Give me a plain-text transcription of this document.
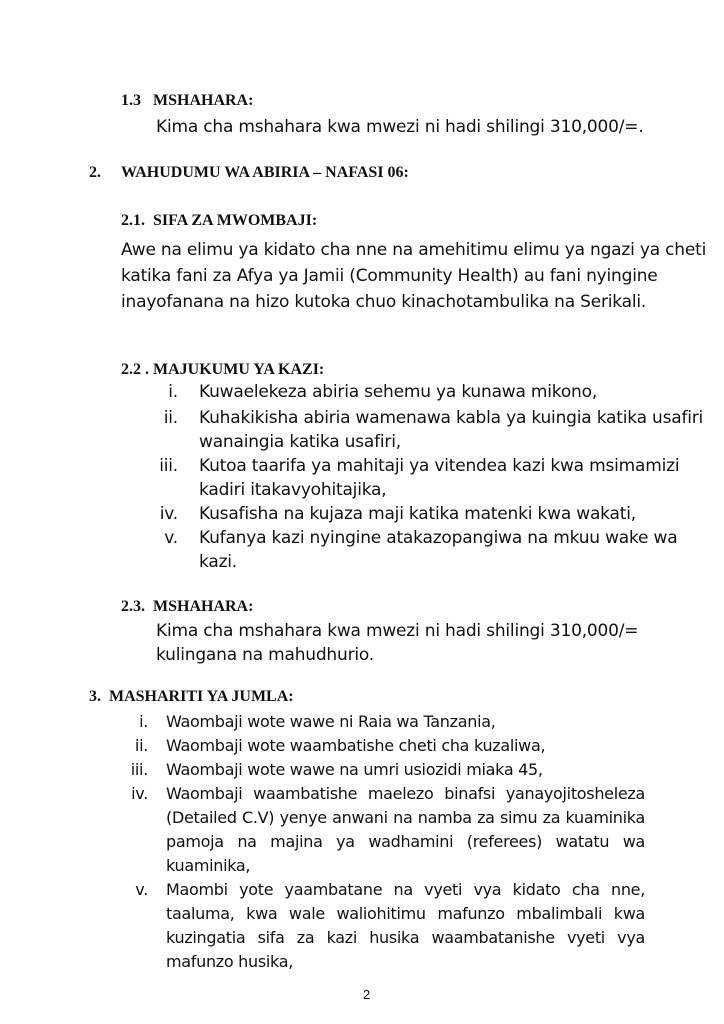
1.3 MSHAHARA:
Kima cha mshahara kwa mwezi ni hadi shilingi 310,000/=.
2. WAHUDUMU WA ABIRIA – NAFASI 06:
2.1. SIFA ZA MWOMBAJI:
Awe na elimu ya kidato cha nne na amehitimu elimu ya ngazi ya cheti
katika fani za Afya ya Jamii (Community Health) au fani nyingine
inayofanana na hizo kutoka chuo kinachotambulika na Serikali.
2.2 . MAJUKUMU YA KAZI:
i. Kuwaelekeza abiria sehemu ya kunawa mikono,
ii. Kuhakikisha abiria wamenawa kabla ya kuingia katika usafiri
wanaingia katika usafiri,
iii. Kutoa taarifa ya mahitaji ya vitendea kazi kwa msimamizi
kadiri itakavyohitajika,
iv. Kusafisha na kujaza maji katika matenki kwa wakati,
v. Kufanya kazi nyingine atakazopangiwa na mkuu wake wa
kazi.
2.3. MSHAHARA:
Kima cha mshahara kwa mwezi ni hadi shilingi 310,000/=
kulingana na mahudhurio.
3. MASHARITI YA JUMLA:
i. Waombaji wote wawe ni Raia wa Tanzania,
ii. Waombaji wote waambatishe cheti cha kuzaliwa,
iii. Waombaji wote wawe na umri usiozidi miaka 45,
iv. Waombaji waambatishe maelezo binafsi yanayojitosheleza
(Detailed C.V) yenye anwani na namba za simu za kuaminika
pamoja na majina ya wadhamini (referees) watatu wa
kuaminika,
v. Maombi yote yaambatane na vyeti vya kidato cha nne,
taaluma, kwa wale waliohitimu mafunzo mbalimbali kwa
kuzingatia sifa za kazi husika waambatanishe vyeti vya
mafunzo husika,
2
